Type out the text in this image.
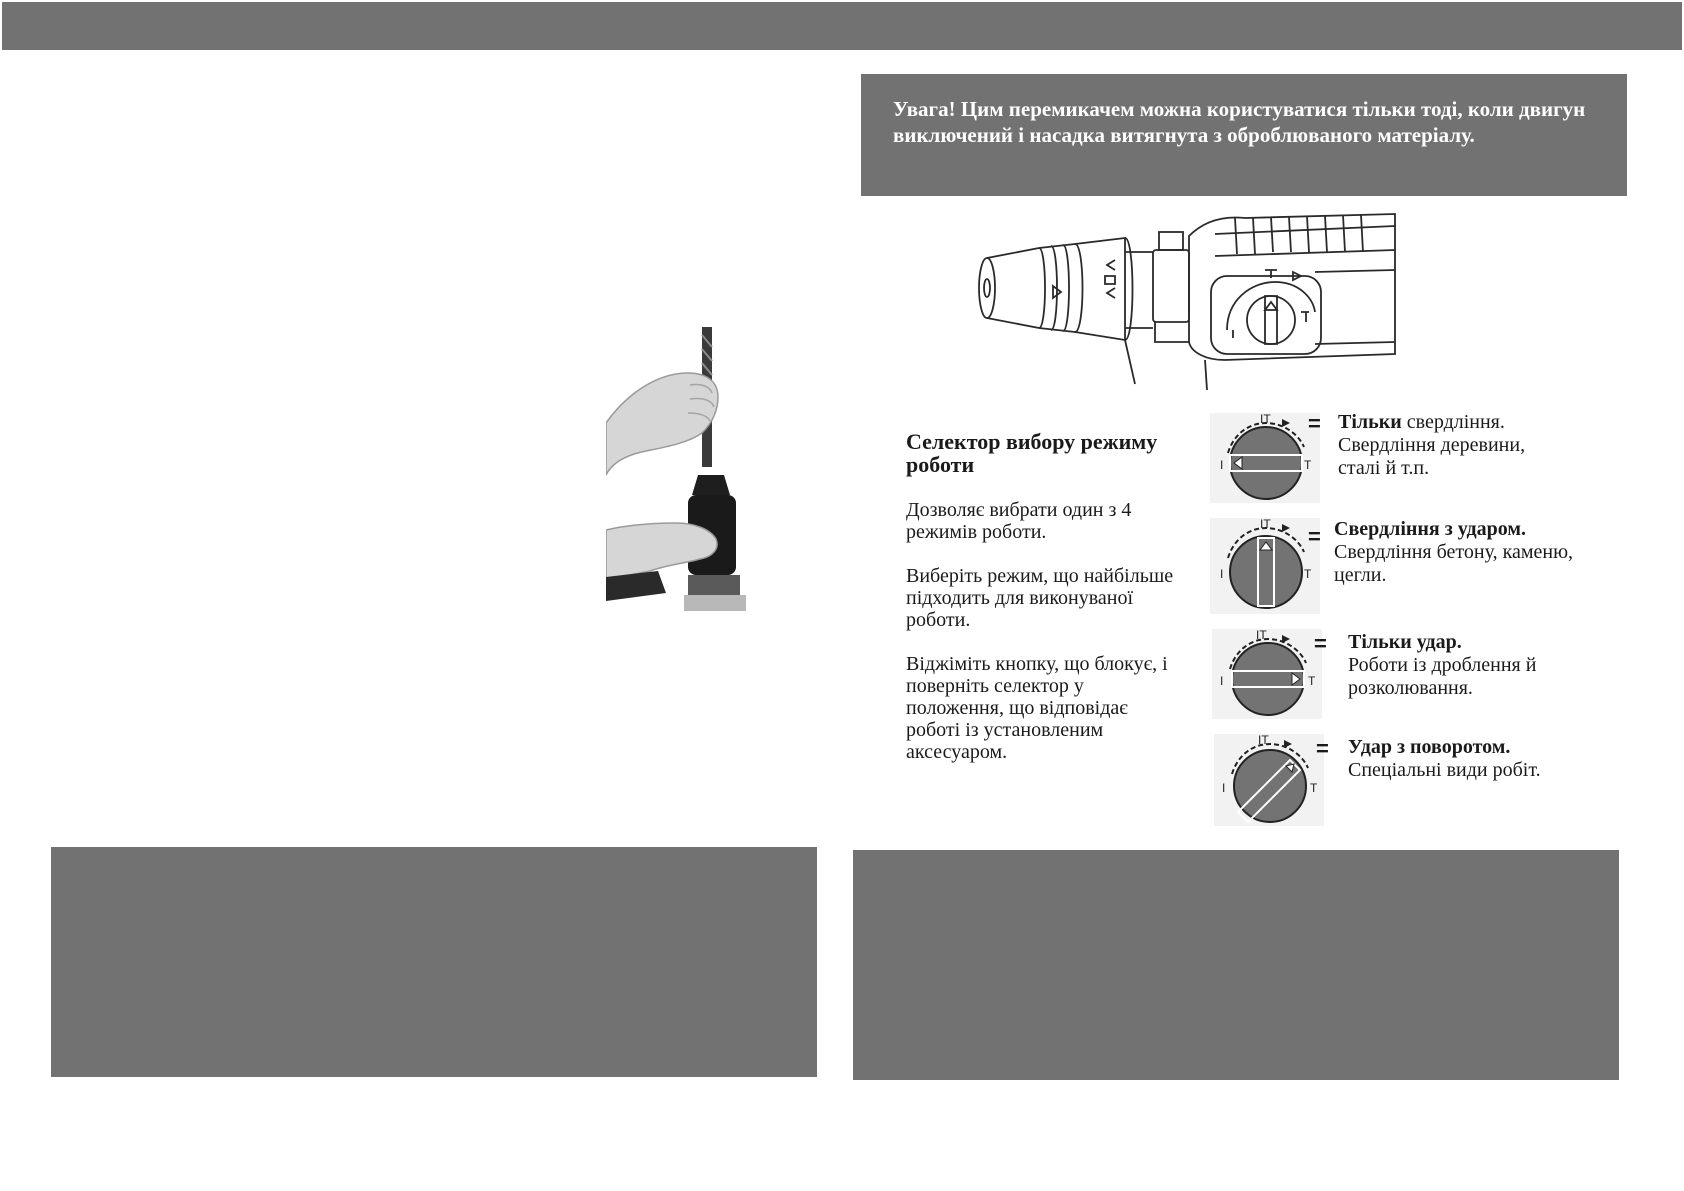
Увага! Цим перемикачем можна користуватися тільки тоді, коли двигун виключений і насадка витягнута з оброблюваного матеріалу.

Селектор вибору режиму роботи

Дозволяє вибрати один з 4 режимів роботи.

Виберіть режим, що найбільше підходить для виконуваної роботи.

Віджіміть кнопку, що блокує, і поверніть селектор у положення, що відповідає роботі із установленим аксесуаром.

IT
I	T
= Тільки свердління.
Свердління деревини,
сталі й т.п.
IT
I	T
= Свердління з ударом.
Свердління бетону, каменю,
цегли.
IT
I	T
= Тільки удар.
Роботи із дроблення й
розколювання.
IT
I	T
= Удар з поворотом.
Спеціальні види робіт.
